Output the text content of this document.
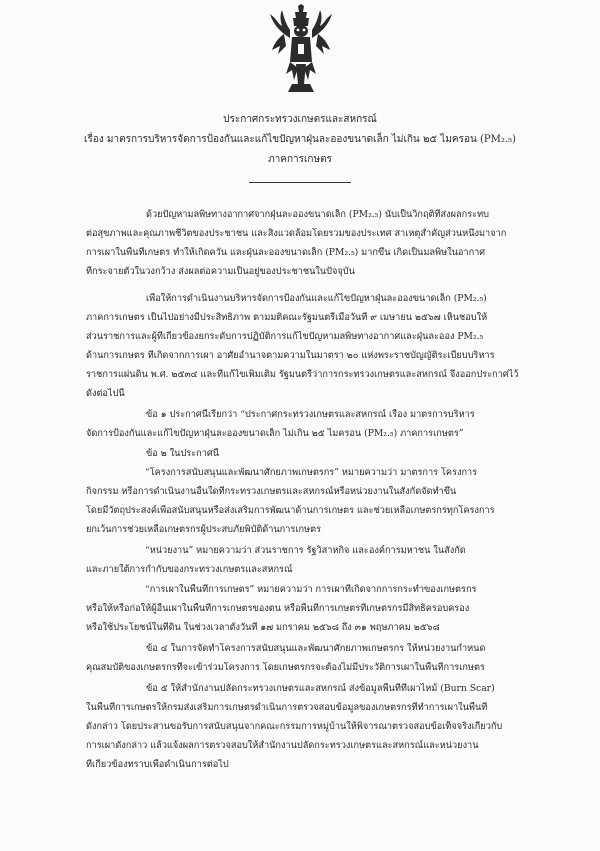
ประกาศกระทรวงเกษตรและสหกรณ์
เรื่อง มาตรการบริหารจัดการป้องกันและแก้ไขปัญหาฝุ่นละอองขนาดเล็ก ไม่เกิน ๒๕ ไมครอน (PM₂.₅)
ภาคการเกษตร
ด้วยปัญหามลพิษทางอากาศจากฝุ่นละอองขนาดเล็ก (PM₂.₅) นับเป็นวิกฤติที่ส่งผลกระทบ
ต่อสุขภาพและคุณภาพชีวิตของประชาชน และสิ่งแวดล้อมโดยรวมของประเทศ สาเหตุสำคัญส่วนหนึ่งมาจาก
การเผาในพื้นที่เกษตร ทำให้เกิดควัน และฝุ่นละอองขนาดเล็ก (PM₂.₅) มากขึ้น เกิดเป็นมลพิษในอากาศ
ที่กระจายตัวในวงกว้าง ส่งผลต่อความเป็นอยู่ของประชาชนในปัจจุบัน
เพื่อให้การดำเนินงานบริหารจัดการป้องกันและแก้ไขปัญหาฝุ่นละอองขนาดเล็ก (PM₂.₅)
ภาคการเกษตร เป็นไปอย่างมีประสิทธิภาพ ตามมติคณะรัฐมนตรีเมื่อวันที่ ๙ เมษายน ๒๕๖๗ เห็นชอบให้
ส่วนราชการและผู้ที่เกี่ยวข้องยกระดับการปฏิบัติการแก้ไขปัญหามลพิษทางอากาศและฝุ่นละออง PM₂.₅
ด้านการเกษตร ที่เกิดจากการเผา อาศัยอำนาจตามความในมาตรา ๒๐ แห่งพระราชบัญญัติระเบียบบริหาร
ราชการแผ่นดิน พ.ศ. ๒๕๓๔ และที่แก้ไขเพิ่มเติม รัฐมนตรีว่าการกระทรวงเกษตรและสหกรณ์ จึงออกประกาศไว้
ดังต่อไปนี้
ข้อ ๑ ประกาศนี้เรียกว่า “ประกาศกระทรวงเกษตรและสหกรณ์ เรื่อง มาตรการบริหาร
จัดการป้องกันและแก้ไขปัญหาฝุ่นละอองขนาดเล็ก ไม่เกิน ๒๕ ไมครอน (PM₂.₅) ภาคการเกษตร”
ข้อ ๒ ในประกาศนี้
“โครงการสนับสนุนและพัฒนาศักยภาพเกษตรกร” หมายความว่า มาตรการ โครงการ
กิจกรรม หรือการดำเนินงานอื่นใดที่กระทรวงเกษตรและสหกรณ์หรือหน่วยงานในสังกัดจัดทำขึ้น
โดยมีวัตถุประสงค์เพื่อสนับสนุนหรือส่งเสริมการพัฒนาด้านการเกษตร และช่วยเหลือเกษตรกรทุกโครงการ
ยกเว้นการช่วยเหลือเกษตรกรผู้ประสบภัยพิบัติด้านการเกษตร
“หน่วยงาน” หมายความว่า ส่วนราชการ รัฐวิสาหกิจ และองค์การมหาชน ในสังกัด
และภายใต้การกำกับของกระทรวงเกษตรและสหกรณ์
“การเผาในพื้นที่การเกษตร” หมายความว่า การเผาที่เกิดจากการกระทำของเกษตรกร
หรือให้หรือก่อให้ผู้อื่นเผาในพื้นที่การเกษตรของตน หรือพื้นที่การเกษตรที่เกษตรกรมีสิทธิครอบครอง
หรือใช้ประโยชน์ในที่ดิน ในช่วงเวลาตั้งวันที่ ๑๗ มกราคม ๒๕๖๘ ถึง ๓๑ พฤษภาคม ๒๕๖๘
ข้อ ๔ ในการจัดทำโครงการสนับสนุนและพัฒนาศักยภาพเกษตรกร ให้หน่วยงานกำหนด
คุณสมบัติของเกษตรกรที่จะเข้าร่วมโครงการ โดยเกษตรกรจะต้องไม่มีประวัติการเผาในพื้นที่การเกษตร
ข้อ ๕ ให้สำนักงานปลัดกระทรวงเกษตรและสหกรณ์ ส่งข้อมูลพื้นที่ที่เผาไหม้ (Burn Scar)
ในพื้นที่การเกษตรให้กรมส่งเสริมการเกษตรดำเนินการตรวจสอบข้อมูลของเกษตรกรที่ทำการเผาในพื้นที่
ดังกล่าว โดยประสานขอรับการสนับสนุนจากคณะกรรมการหมู่บ้านให้พิจารณาตรวจสอบข้อเท็จจริงเกี่ยวกับ
การเผาดังกล่าว แล้วแจ้งผลการตรวจสอบให้สำนักงานปลัดกระทรวงเกษตรและสหกรณ์และหน่วยงาน
ที่เกี่ยวข้องทราบเพื่อดำเนินการต่อไป
